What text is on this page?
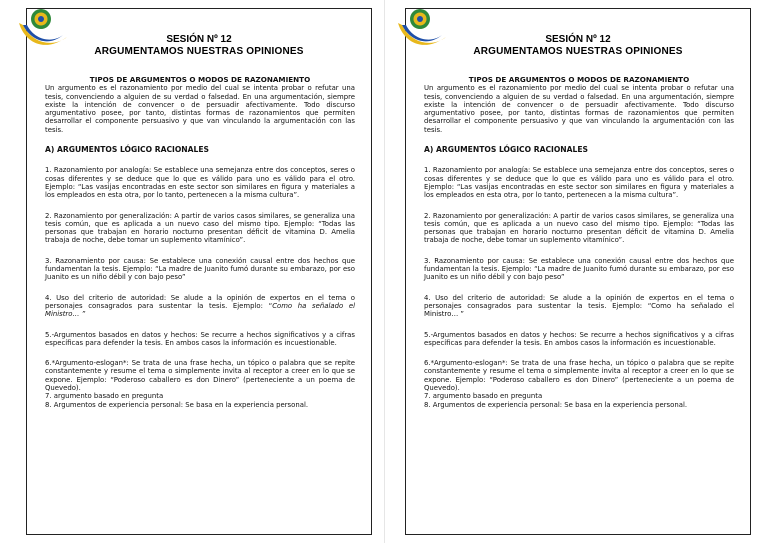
SESIÓN Nº 12
ARGUMENTAMOS NUESTRAS OPINIONES
TIPOS DE ARGUMENTOS O MODOS DE RAZONAMIENTO

Un argumento es el razonamiento por medio del cual se intenta probar o refutar una tesis, convenciendo a alguien de su verdad o falsedad. En una argumentación, siempre existe la intención de convencer o de persuadir afectivamente. Todo discurso argumentativo posee, por tanto, distintas formas de razonamientos que permiten desarrollar el componente persuasivo y que van vinculando la argumentación con las tesis.

A) ARGUMENTOS LÓGICO RACIONALES

1. Razonamiento por analogía: Se establece una semejanza entre dos conceptos, seres o cosas diferentes y se deduce que lo que es válido para uno es válido para el otro. Ejemplo: “Las vasijas encontradas en este sector son similares en figura y materiales a los empleados en esta otra, por lo tanto, pertenecen a la misma cultura”.

2. Razonamiento por generalización: A partir de varios casos similares, se generaliza una tesis común, que es aplicada a un nuevo caso del mismo tipo. Ejemplo: “Todas las personas que trabajan en horario nocturno presentan déficit de vitamina D. Amelia trabaja de noche, debe tomar un suplemento vitamínico”.

3. Razonamiento por causa: Se establece una conexión causal entre dos hechos que fundamentan la tesis. Ejemplo: “La madre de Juanito fumó durante su embarazo, por eso Juanito es un niño débil y con bajo peso”

4. Uso del criterio de autoridad: Se alude a la opinión de expertos en el tema o personajes consagrados para sustentar la tesis. Ejemplo: “Como ha señalado el Ministro… ”

5.-Argumentos basados en datos y hechos: Se recurre a hechos significativos y a cifras específicas para defender la tesis. En ambos casos la información es incuestionable.

6.*Argumento-eslogan*: Se trata de una frase hecha, un tópico o palabra que se repite constantemente y resume el tema o simplemente invita al receptor a creer en lo que se expone. Ejemplo: “Poderoso caballero es don Dinero” (perteneciente a un poema de Quevedo).

7. argumento basado en pregunta

8. Argumentos de experiencia personal: Se basa en la experiencia personal.

SESIÓN Nº 12
ARGUMENTAMOS NUESTRAS OPINIONES
TIPOS DE ARGUMENTOS O MODOS DE RAZONAMIENTO

Un argumento es el razonamiento por medio del cual se intenta probar o refutar una tesis, convenciendo a alguien de su verdad o falsedad. En una argumentación, siempre existe la intención de convencer o de persuadir afectivamente. Todo discurso argumentativo posee, por tanto, distintas formas de razonamientos que permiten desarrollar el componente persuasivo y que van vinculando la argumentación con las tesis.

A) ARGUMENTOS LÓGICO RACIONALES

1. Razonamiento por analogía: Se establece una semejanza entre dos conceptos, seres o cosas diferentes y se deduce que lo que es válido para uno es válido para el otro. Ejemplo: “Las vasijas encontradas en este sector son similares en figura y materiales a los empleados en esta otra, por lo tanto, pertenecen a la misma cultura”.

2. Razonamiento por generalización: A partir de varios casos similares, se generaliza una tesis común, que es aplicada a un nuevo caso del mismo tipo. Ejemplo: “Todas las personas que trabajan en horario nocturno presentan déficit de vitamina D. Amelia trabaja de noche, debe tomar un suplemento vitamínico”.

3. Razonamiento por causa: Se establece una conexión causal entre dos hechos que fundamentan la tesis. Ejemplo: “La madre de Juanito fumó durante su embarazo, por eso Juanito es un niño débil y con bajo peso”

4. Uso del criterio de autoridad: Se alude a la opinión de expertos en el tema o personajes consagrados para sustentar la tesis. Ejemplo: “Como ha señalado el Ministro… ”

5.-Argumentos basados en datos y hechos: Se recurre a hechos significativos y a cifras específicas para defender la tesis. En ambos casos la información es incuestionable.

6.*Argumento-eslogan*: Se trata de una frase hecha, un tópico o palabra que se repite constantemente y resume el tema o simplemente invita al receptor a creer en lo que se expone. Ejemplo: “Poderoso caballero es don Dinero” (perteneciente a un poema de Quevedo).

7. argumento basado en pregunta

8. Argumentos de experiencia personal: Se basa en la experiencia personal.
